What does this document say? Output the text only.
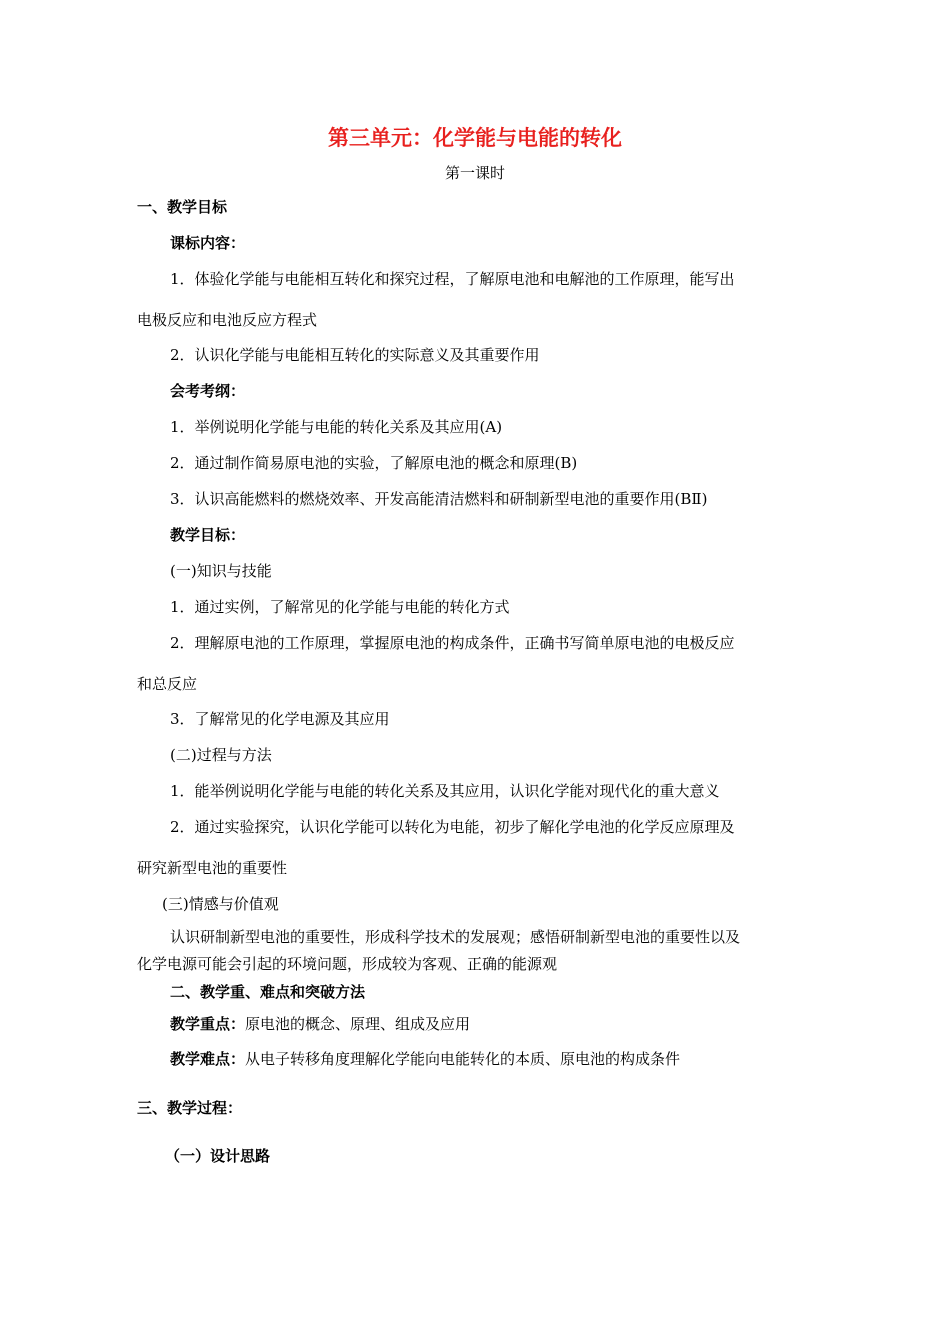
第三单元：化学能与电能的转化
第一课时
一、教学目标
课标内容：
1．体验化学能与电能相互转化和探究过程，了解原电池和电解池的工作原理，能写出
电极反应和电池反应方程式
2．认识化学能与电能相互转化的实际意义及其重要作用
会考考纲：
1．举例说明化学能与电能的转化关系及其应用(A)
2．通过制作简易原电池的实验，了解原电池的概念和原理(B)
3．认识高能燃料的燃烧效率、开发高能清洁燃料和研制新型电池的重要作用(BⅡ)
教学目标：
(一)知识与技能
1．通过实例，了解常见的化学能与电能的转化方式
2．理解原电池的工作原理，掌握原电池的构成条件，正确书写简单原电池的电极反应
和总反应
3．了解常见的化学电源及其应用
(二)过程与方法
1．能举例说明化学能与电能的转化关系及其应用，认识化学能对现代化的重大意义
2．通过实验探究，认识化学能可以转化为电能，初步了解化学电池的化学反应原理及
研究新型电池的重要性
(三)情感与价值观
认识研制新型电池的重要性，形成科学技术的发展观；感悟研制新型电池的重要性以及
化学电源可能会引起的环境问题，形成较为客观、正确的能源观
二、教学重、难点和突破方法
教学重点：原电池的概念、原理、组成及应用
教学难点：从电子转移角度理解化学能向电能转化的本质、原电池的构成条件
三、教学过程：
（一）设计思路
